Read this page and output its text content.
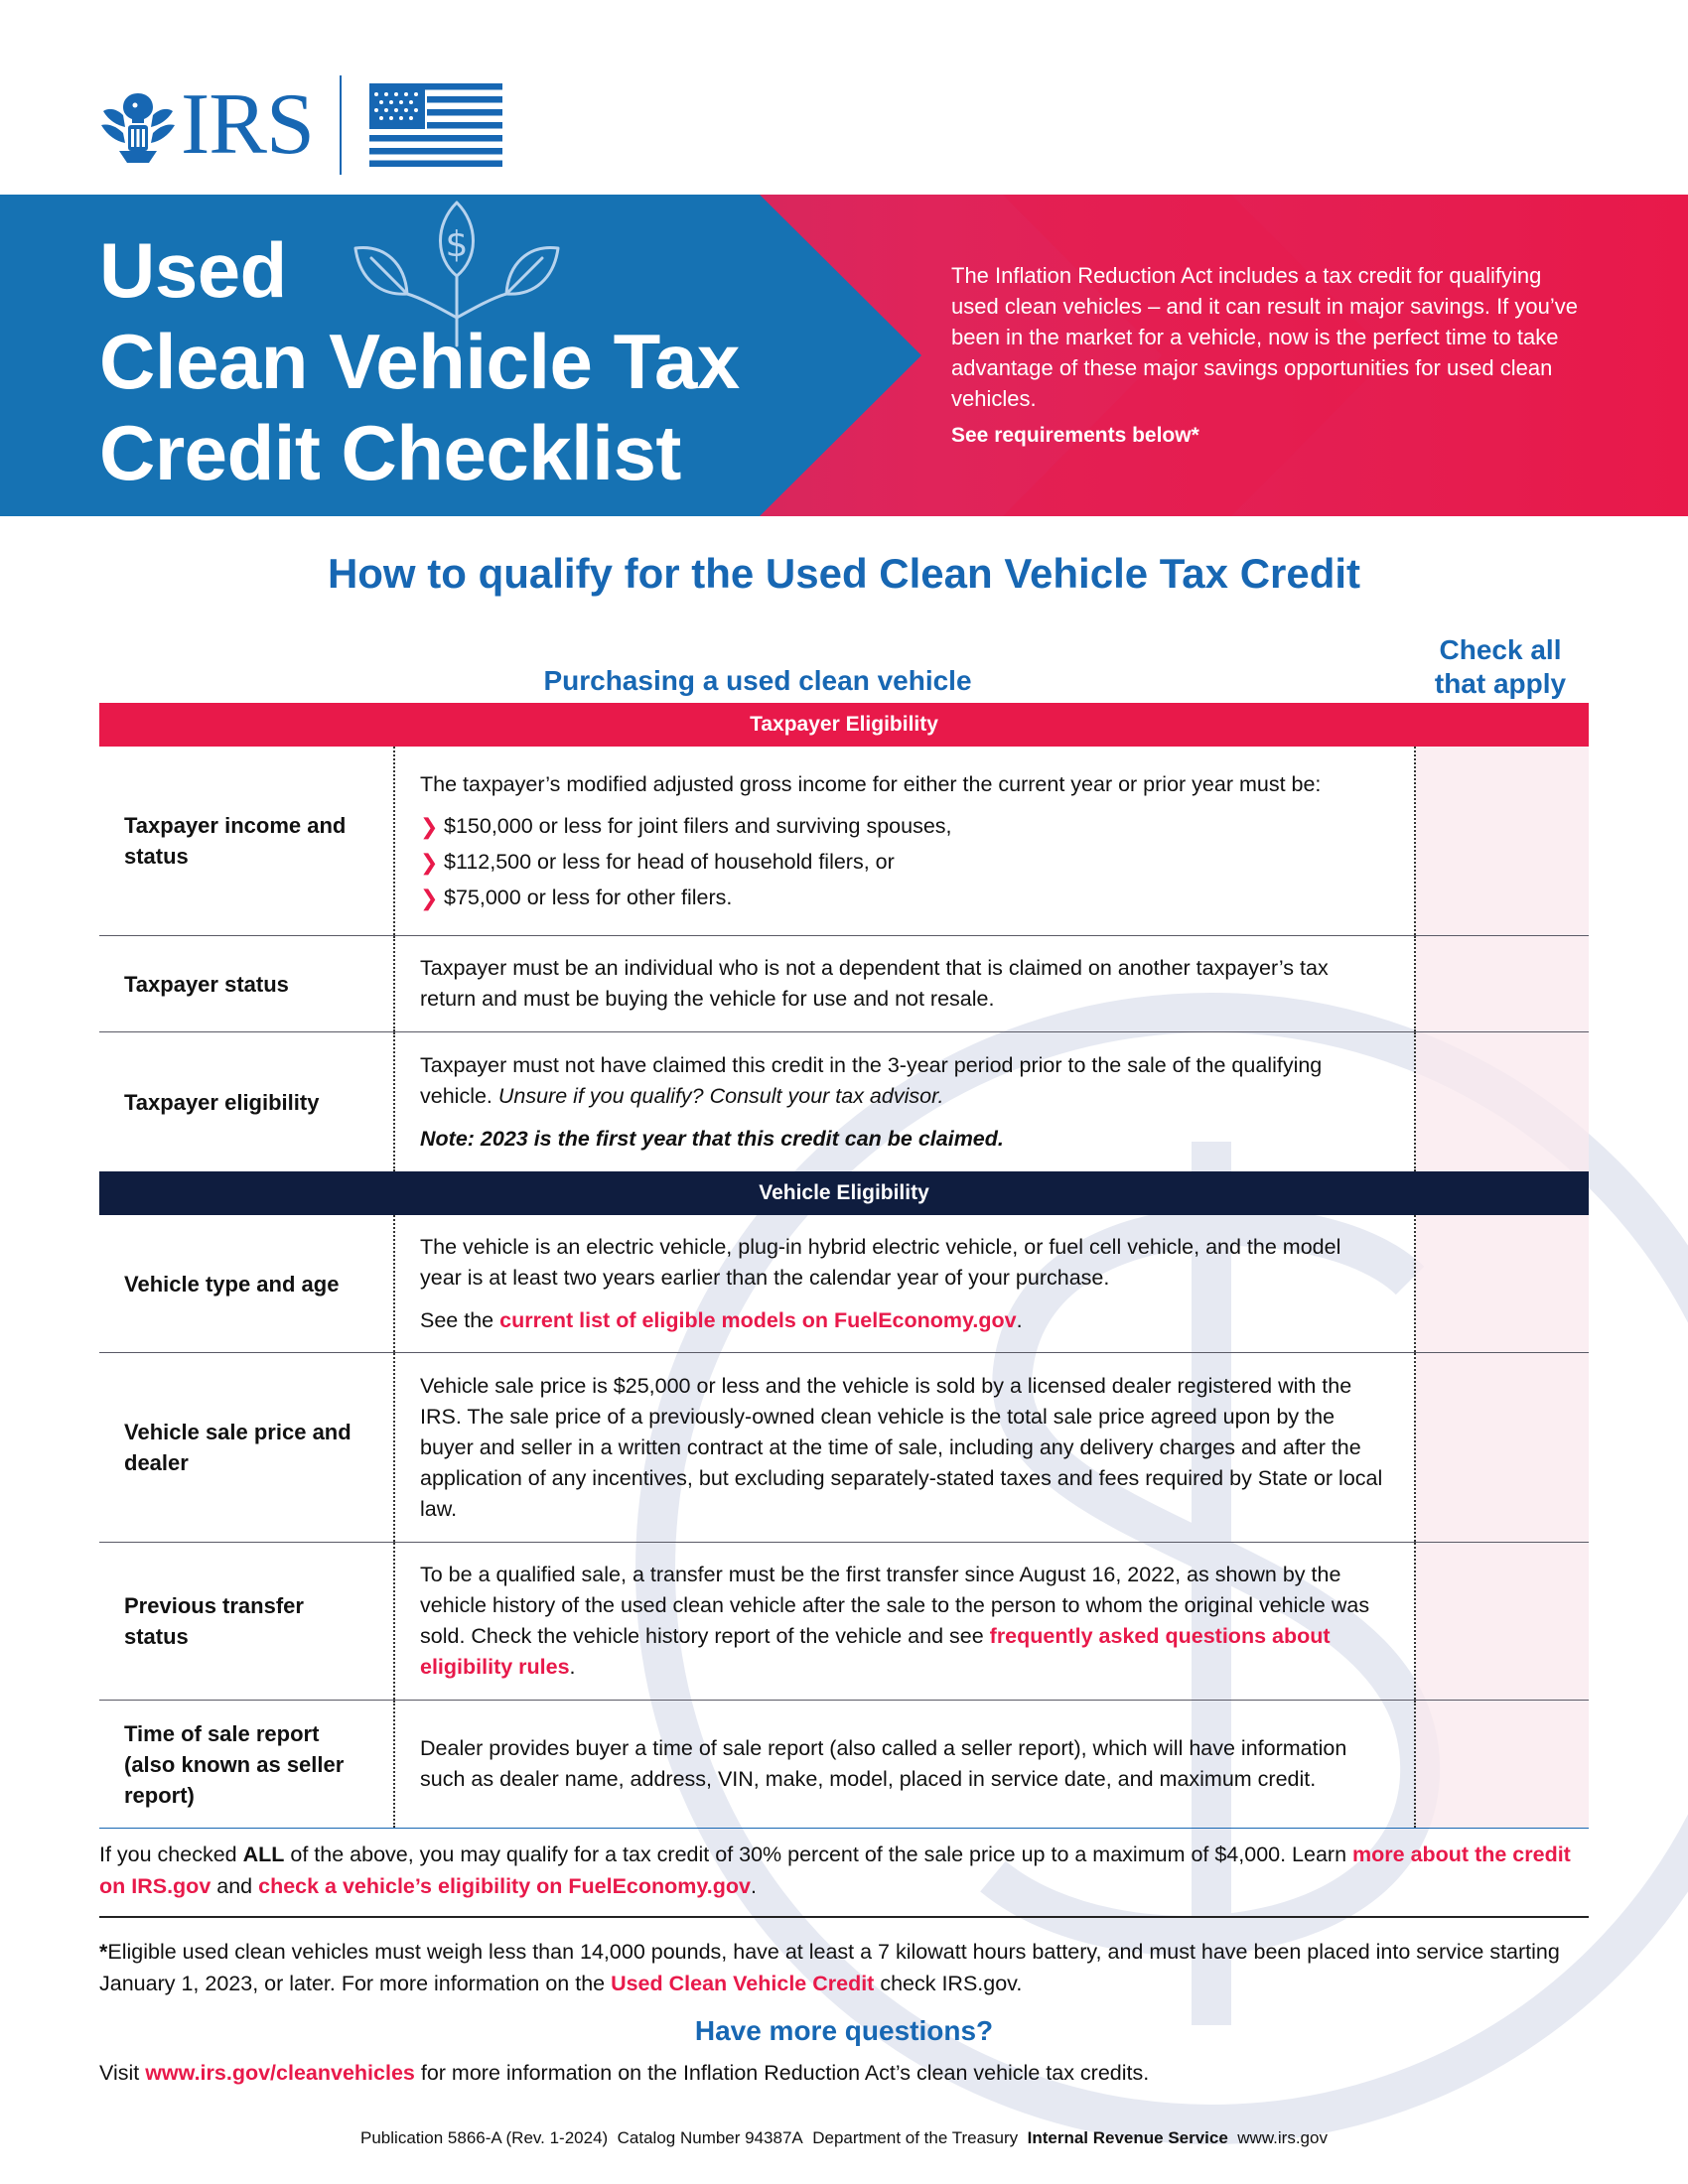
IRS
Used
Clean Vehicle Tax
Credit Checklist
$
The Inflation Reduction Act includes a tax credit for qualifying used clean vehicles – and it can result in major savings. If you’ve been in the market for a vehicle, now is the perfect time to take advantage of these major savings opportunities for used clean vehicles.
See requirements below*
How to qualify for the Used Clean Vehicle Tax Credit
Purchasing a used clean vehicle
Check all
that apply
Taxpayer Eligibility
Taxpayer income and status

The taxpayer’s modified adjusted gross income for either the current year or prior year must be:

❯ $150,000 or less for joint filers and surviving spouses,
❯ $112,500 or less for head of household filers, or
❯ $75,000 or less for other filers.
Taxpayer status

Taxpayer must be an individual who is not a dependent that is claimed on another taxpayer’s tax return and must be buying the vehicle for use and not resale.

Taxpayer eligibility

Taxpayer must not have claimed this credit in the 3-year period prior to the sale of the qualifying vehicle. Unsure if you qualify? Consult your tax advisor.

Note: 2023 is the first year that this credit can be claimed.

Vehicle Eligibility
Vehicle type and age

The vehicle is an electric vehicle, plug-in hybrid electric vehicle, or fuel cell vehicle, and the model year is at least two years earlier than the calendar year of your purchase.

See the current list of eligible models on FuelEconomy.gov.

Vehicle sale price and dealer

Vehicle sale price is $25,000 or less and the vehicle is sold by a licensed dealer registered with the IRS. The sale price of a previously-owned clean vehicle is the total sale price agreed upon by the buyer and seller in a written contract at the time of sale, including any delivery charges and after the application of any incentives, but excluding separately-stated taxes and fees required by State or local law.

Previous transfer status

To be a qualified sale, a transfer must be the first transfer since August 16, 2022, as shown by the vehicle history of the used clean vehicle after the sale to the person to whom the original vehicle was sold. Check the vehicle history report of the vehicle and see frequently asked questions about eligibility rules.

Time of sale report (also known as seller report)

Dealer provides buyer a time of sale report (also called a seller report), which will have information such as dealer name, address, VIN, make, model, placed in service date, and maximum credit.

If you checked ALL of the above, you may qualify for a tax credit of 30% percent of the sale price up to a maximum of $4,000. Learn more about the credit on IRS.gov and check a vehicle’s eligibility on FuelEconomy.gov.
*Eligible used clean vehicles must weigh less than 14,000 pounds, have at least a 7 kilowatt hours battery, and must have been placed into service starting January 1, 2023, or later. For more information on the Used Clean Vehicle Credit check IRS.gov.
Have more questions?
Visit www.irs.gov/cleanvehicles for more information on the Inflation Reduction Act’s clean vehicle tax credits.
Publication 5866-A (Rev. 1-2024) Catalog Number 94387A Department of the Treasury Internal Revenue Service www.irs.gov
